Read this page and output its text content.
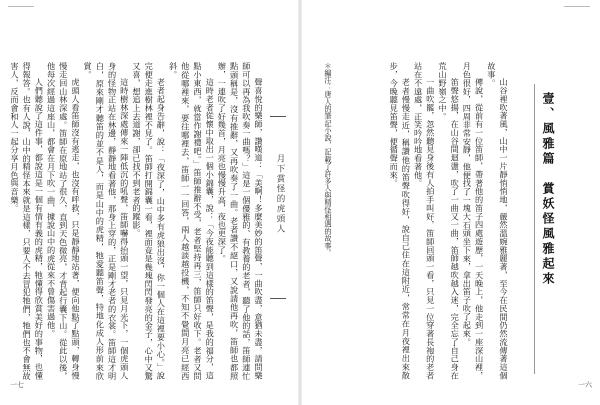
聲喜悅的樂師，讚嘆道：「美啊！多麼美妙的笛聲，一曲吹盡，意猶未盡，請問樂師可以再為我吹奏一曲嗎？」這是一個優雅的、有教養的老者，聽了他的話，笛師連忙點頭稱是，沒有推辭，又再吹奏了一曲。老者讚不絕口，又說請他再吹，笛師也都照辦，一連吹了好幾首，月亮也慢慢升高，夜也更深了。

這時老者從懷中取出一個小錦囊，說：「今夜能聽到這樣的笛聲，是我的福分，這點小東西，就當作謝禮吧。」笛師推辭不受，老者堅持再三，笛師只好收下。老者又問他從哪裡來，要往哪裡去，笛師一一回答，兩人越談越投機，不知不覺間月亮已經西斜。

老者起身告辭，說：「夜深了，山中多有虎狼出沒，你一個人在這裡要小心。」說完便走進樹林裡不見了。笛師打開錦囊一看，裡面竟是幾塊閃閃發亮的金子，心中又驚又喜，想追上去道謝，卻已找不到老者的蹤影。

這時樹林深處傳來一陣低沉的吼聲，笛師嚇得抬頭一望，只見月光下，一個虎頭人身的怪物正站在林邊，靜靜地看著他，那身上穿的，正是剛才老者的衣裳。笛師這才明白，原來剛才聽笛的並不是人，而是山中的虎精，牠愛聽笛聲，特地化成人形前來欣賞。

虎頭人看笛師沒有逃走，也沒有呼救，只是靜靜地站著，便向他點了點頭，轉身慢慢走回山林深處。笛師在原地站了很久，直到天色微亮，才背起行囊下山。從此以後，他每次經過這座山，都會在月下吹一曲，據說山中的虎從來不曾傷害過他。

人們聽說了這件事，都說這是一個有情有義的虎精，牠懂得欣賞美好的事物，也懂得報答。也有人說，山中的精怪本來就是這樣，只要人不去冒犯牠們，牠們也不會無故害人，反而會和人一起分享月色與音樂。	月下賞怪的虎頭人
一七
＊編注：唐人的筆記小說，記載了許多人與精怪相遇的故事。	山谷裡吹著風，山中一片靜悄悄地，嚴然溫婉雅麗著，至今在民間仍然流傳著這個故事。

傳說，從前有一位笛師，帶著他的笛子四處遊歷，一天晚上，他走到一座深山裡，月色很好，四周非常安靜，他便找了一塊大石頭坐下來，拿出笛子吹了起來。

笛聲悠揚，在山谷間迴盪，吹了一曲又一曲，笛師越吹越入迷，完全忘了自己身在荒山野嶺之中。

一曲吹罷，忽然聽見身後有人拍手叫好，笛師回頭一看，只見一位穿著長袍的老者站在不遠處，正笑吟吟地看著他。

老者慢慢走近，稱讚他的笛聲吹得好，說自己住在這附近，常常在月夜裡出來散步，今晚聽見笛聲，便循聲而來。	壹、風雅篇　賞妖怪風雅起來
一六
